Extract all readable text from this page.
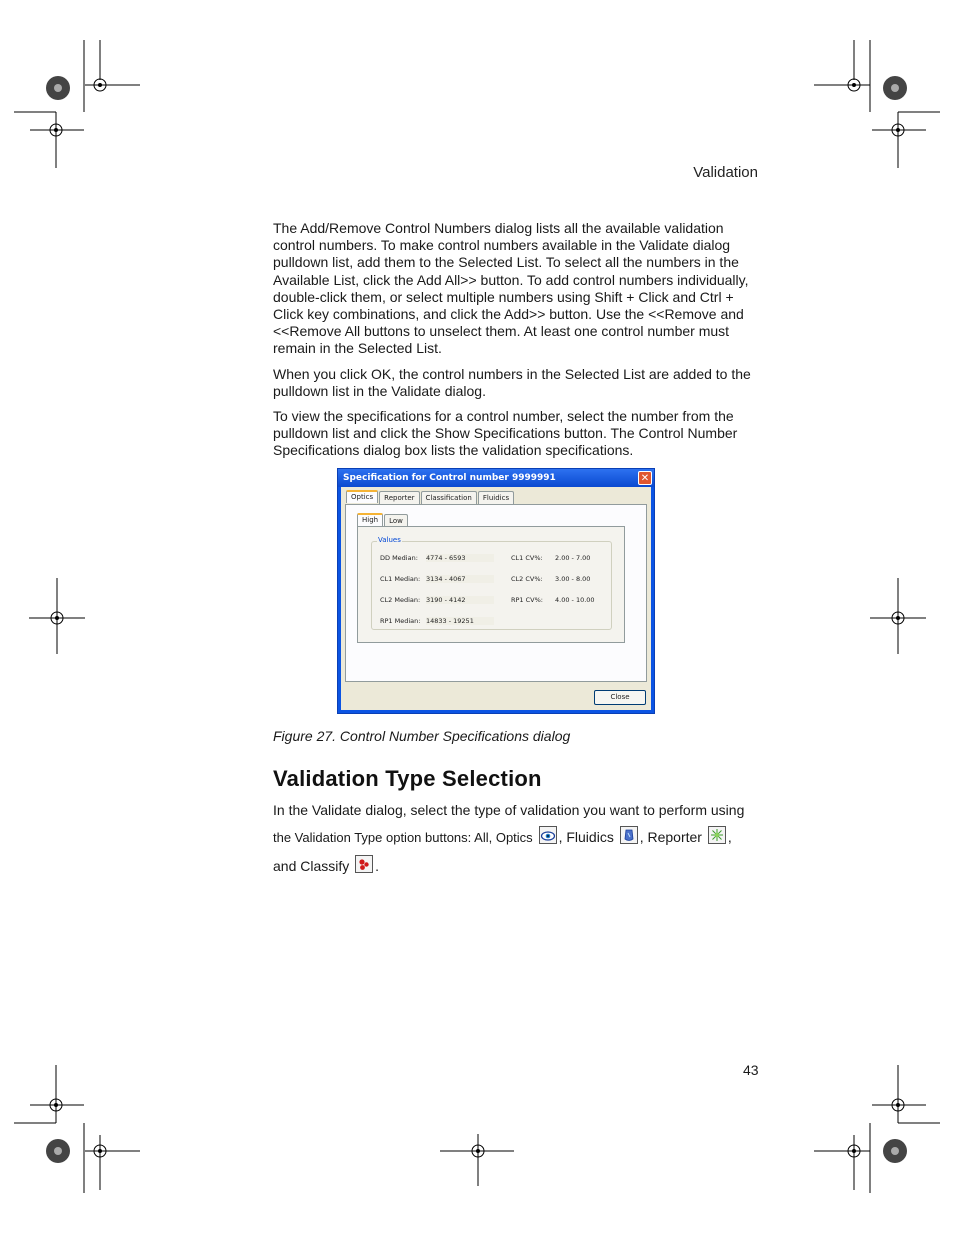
Validation

The Add/Remove Control Numbers dialog lists all the available validation control numbers. To make control numbers available in the Validate dialog pulldown list, add them to the Selected List. To select all the numbers in the Available List, click the Add All>> button. To add control numbers individually, double-click them, or select multiple numbers using Shift + Click and Ctrl + Click key combinations, and click the Add>> button. Use the <<Remove and <<Remove All buttons to unselect them. At least one control number must remain in the Selected List.

When you click OK, the control numbers in the Selected List are added to the pulldown list in the Validate dialog.

To view the specifications for a control number, select the number from the pulldown list and click the Show Specifications button. The Control Number Specifications dialog box lists the validation specifications.

Specification for Control number 9999991	✕
Optics	Reporter	Classification	Fluidics
High	Low
Values
DD Median: 4774 - 6593
CL1 Median: 3134 - 4067
CL2 Median: 3190 - 4142
RP1 Median: 14833 - 19251
CL1 CV%: 2.00 - 7.00
CL2 CV%: 3.00 - 8.00
RP1 CV%: 4.00 - 10.00
Close

Figure 27. Control Number Specifications dialog

Validation Type Selection
In the Validate dialog, select the type of validation you want to perform using
the Validation Type option buttons: All, Optics , Fluidics , Reporter ,
and Classify .
43
